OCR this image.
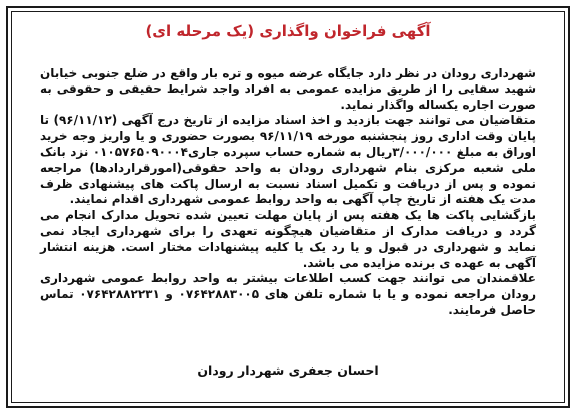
آگهی فراخوان واگذاری (یک مرحله ای)

شهرداری رودان در نظر دارد جایگاه عرضه میوه و تره بار واقع در ضلع جنوبی خیابان شهید سقایی را از طریق مزایده عمومی به افراد واجد شرایط حقیقی و حقوقی به صورت اجاره یکساله واگذار نماید.

متقاضیان می توانند جهت بازدید و اخذ اسناد مزایده از تاریخ درج آگهی (۹۶/۱۱/۱۲) تا پایان وقت اداری روز پنجشنبه مورخه ۹۶/۱۱/۱۹ بصورت حضوری و یا واریز وجه خرید اوراق به مبلغ ۳/۰۰۰/۰۰۰ریال به شماره حساب سپرده جاری۰۱۰۵۷۶۵۰۹۰۰۰۴ نزد بانک ملی شعبه مرکزی بنام شهرداری رودان به واحد حقوقی(امورقراردادها) مراجعه نموده و پس از دریافت و تکمیل اسناد نسبت به ارسال پاکت های پیشنهادی ظرف مدت یک هفته از تاریخ چاپ آگهی به واحد روابط عمومی شهرداری اقدام نمایند.

بازگشایی پاکت ها یک هفته پس از پایان مهلت تعیین شده تحویل مدارک انجام می گردد و دریافت مدارک از متقاضیان هیچگونه تعهدی را برای شهرداری ایجاد نمی نماید و شهرداری در قبول و یا رد یک یا کلیه پیشنهادات مختار است. هزینه انتشار آگهی به عهده ی برنده مزایده می باشد.

علاقمندان می توانند جهت کسب اطلاعات بیشتر به واحد روابط عمومی شهرداری رودان مراجعه نموده و یا با شماره تلفن های ۰۷۶۴۲۸۸۳۰۰۵ و ۰۷۶۴۲۸۸۲۲۳۱ تماس حاصل فرمایند.

احسان جعفری شهردار رودان
